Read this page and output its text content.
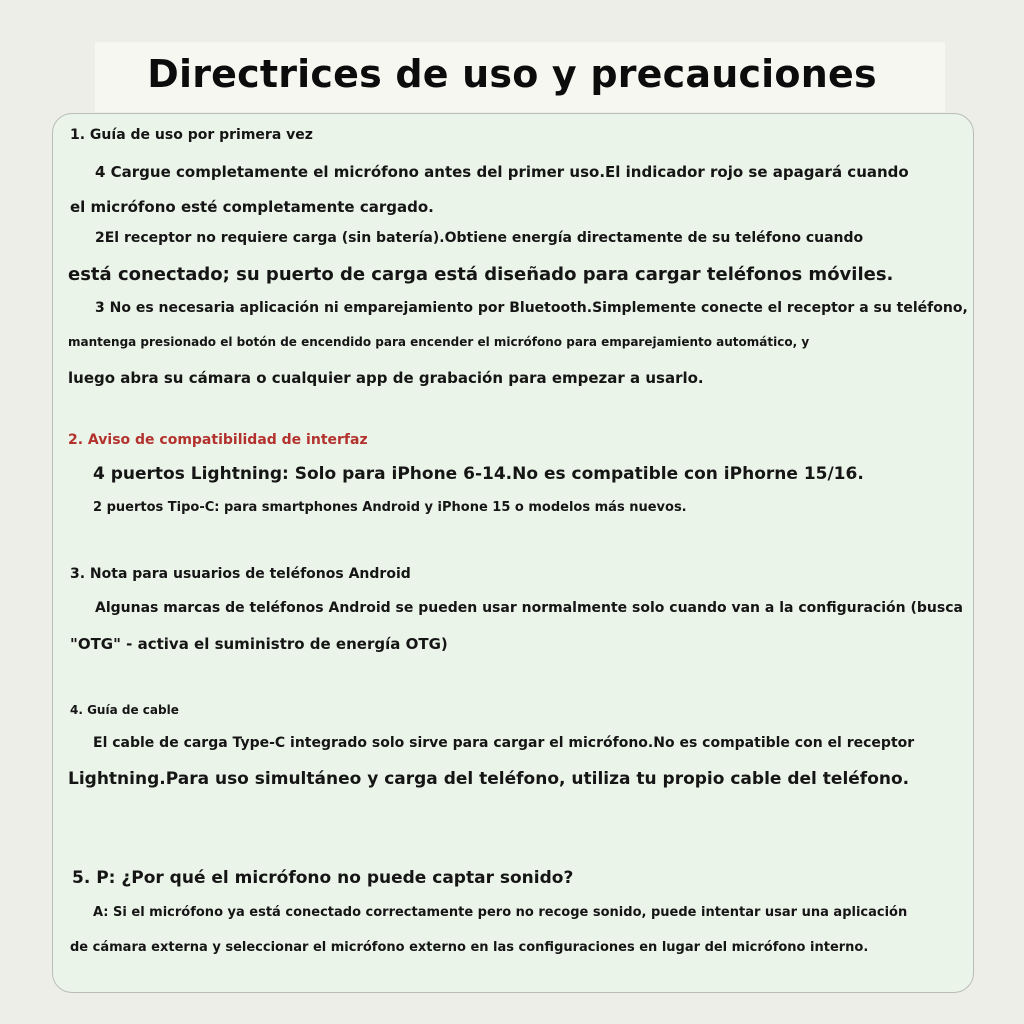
Directrices de uso y precauciones

1. Guía de uso por primera vez

4 Cargue completamente el micrófono antes del primer uso.El indicador rojo se apagará cuando

el micrófono esté completamente cargado.

2El receptor no requiere carga (sin batería).Obtiene energía directamente de su teléfono cuando

está conectado; su puerto de carga está diseñado para cargar teléfonos móviles.

3 No es necesaria aplicación ni emparejamiento por Bluetooth.Simplemente conecte el receptor a su teléfono,

mantenga presionado el botón de encendido para encender el micrófono para emparejamiento automático, y

luego abra su cámara o cualquier app de grabación para empezar a usarlo.

2. Aviso de compatibilidad de interfaz

4 puertos Lightning: Solo para iPhone 6-14.No es compatible con iPhorne 15/16.

2 puertos Tipo-C: para smartphones Android y iPhone 15 o modelos más nuevos.

3. Nota para usuarios de teléfonos Android

Algunas marcas de teléfonos Android se pueden usar normalmente solo cuando van a la configuración (busca

"OTG" - activa el suministro de energía OTG)

4. Guía de cable

El cable de carga Type-C integrado solo sirve para cargar el micrófono.No es compatible con el receptor

Lightning.Para uso simultáneo y carga del teléfono, utiliza tu propio cable del teléfono.

5. P: ¿Por qué el micrófono no puede captar sonido?

A: Si el micrófono ya está conectado correctamente pero no recoge sonido, puede intentar usar una aplicación

de cámara externa y seleccionar el micrófono externo en las configuraciones en lugar del micrófono interno.
